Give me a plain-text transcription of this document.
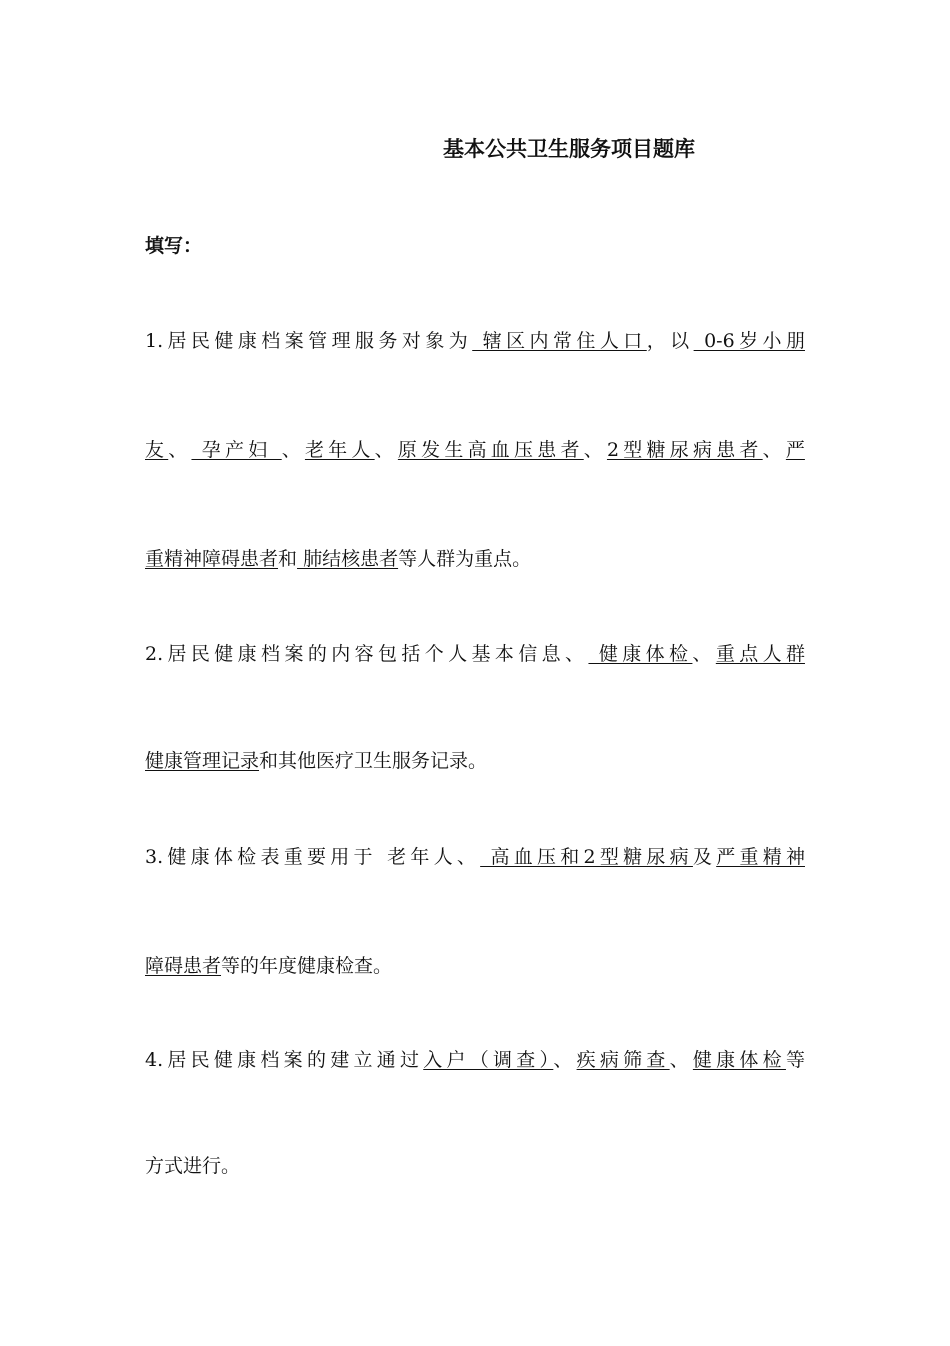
基本公共卫生服务项目题库
填写：
1.居民健康档案管理服务对象为 辖区内常住人口，以 0-6岁小朋
友、 孕产妇 、老年人、原发生高血压患者、2型糖尿病患者、严
重精神障碍患者和 肺结核患者等人群为重点。
2.居民健康档案的内容包括个人基本信息、 健康体检、重点人群
健康管理记录和其他医疗卫生服务记录。
3.健康体检表重要用于 老年人、 高血压和2型糖尿病及严重精神
障碍患者等的年度健康检查。
4.居民健康档案的建立通过入户（调查）、疾病筛查、健康体检等
方式进行。
